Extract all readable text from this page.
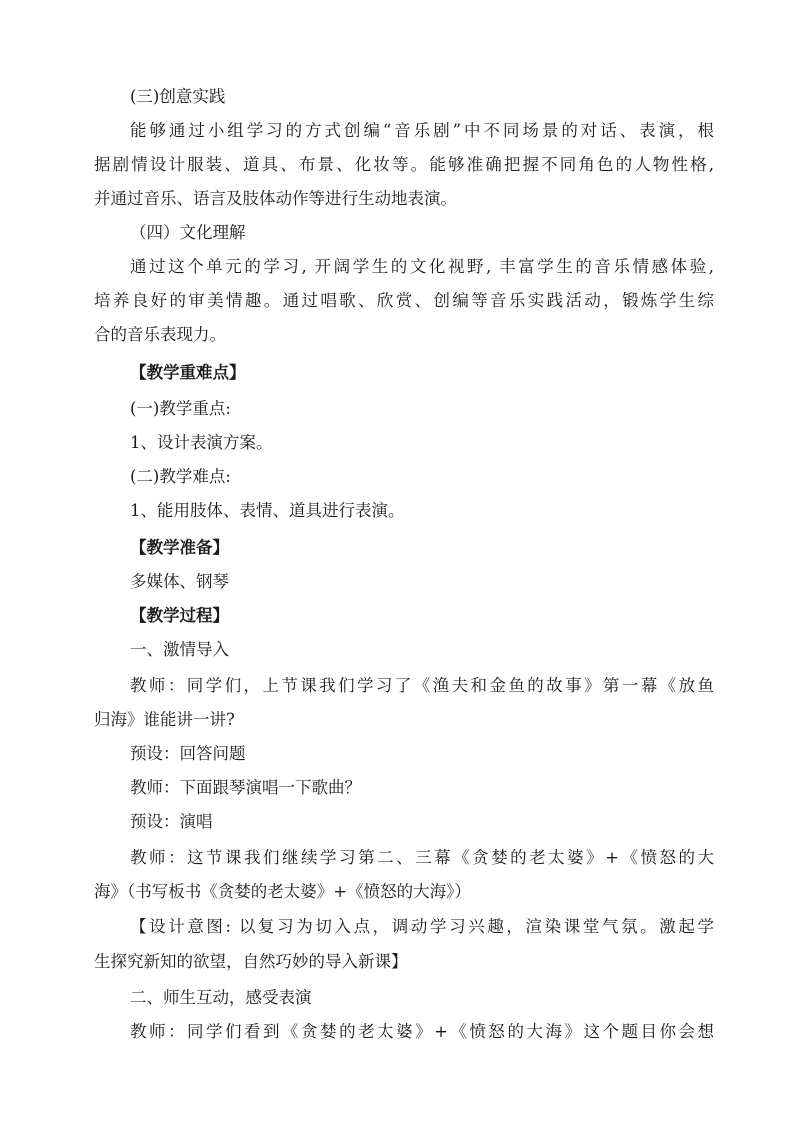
(三)创意实践
能够通过小组学习的方式创编“音乐剧”中不同场景的对话、表演，根
据剧情设计服装、道具、布景、化妆等。能够准确把握不同角色的人物性格,
并通过音乐、语言及肢体动作等进行生动地表演。
（四）文化理解
通过这个单元的学习, 开阔学生的文化视野, 丰富学生的音乐情感体验,
培养良好的审美情趣。通过唱歌、欣赏、创编等音乐实践活动，锻炼学生综
合的音乐表现力。
【教学重难点】
(一)教学重点:
1、设计表演方案。
(二)教学难点:
1、能用肢体、表情、道具进行表演。
【教学准备】
多媒体、钢琴
【教学过程】
一、激情导入
教师：同学们，上节课我们学习了《渔夫和金鱼的故事》第一幕《放鱼
归海》谁能讲一讲?
预设：回答问题
教师：下面跟琴演唱一下歌曲？
预设：演唱
教师：这节课我们继续学习第二、三幕《贪婪的老太婆》+《愤怒的大
海》（书写板书《贪婪的老太婆》+《愤怒的大海》）
【设计意图: 以复习为切入点，调动学习兴趣，渲染课堂气氛。激起学
生探究新知的欲望，自然巧妙的导入新课】
二、师生互动，感受表演
教师：同学们看到《贪婪的老太婆》+《愤怒的大海》这个题目你会想
